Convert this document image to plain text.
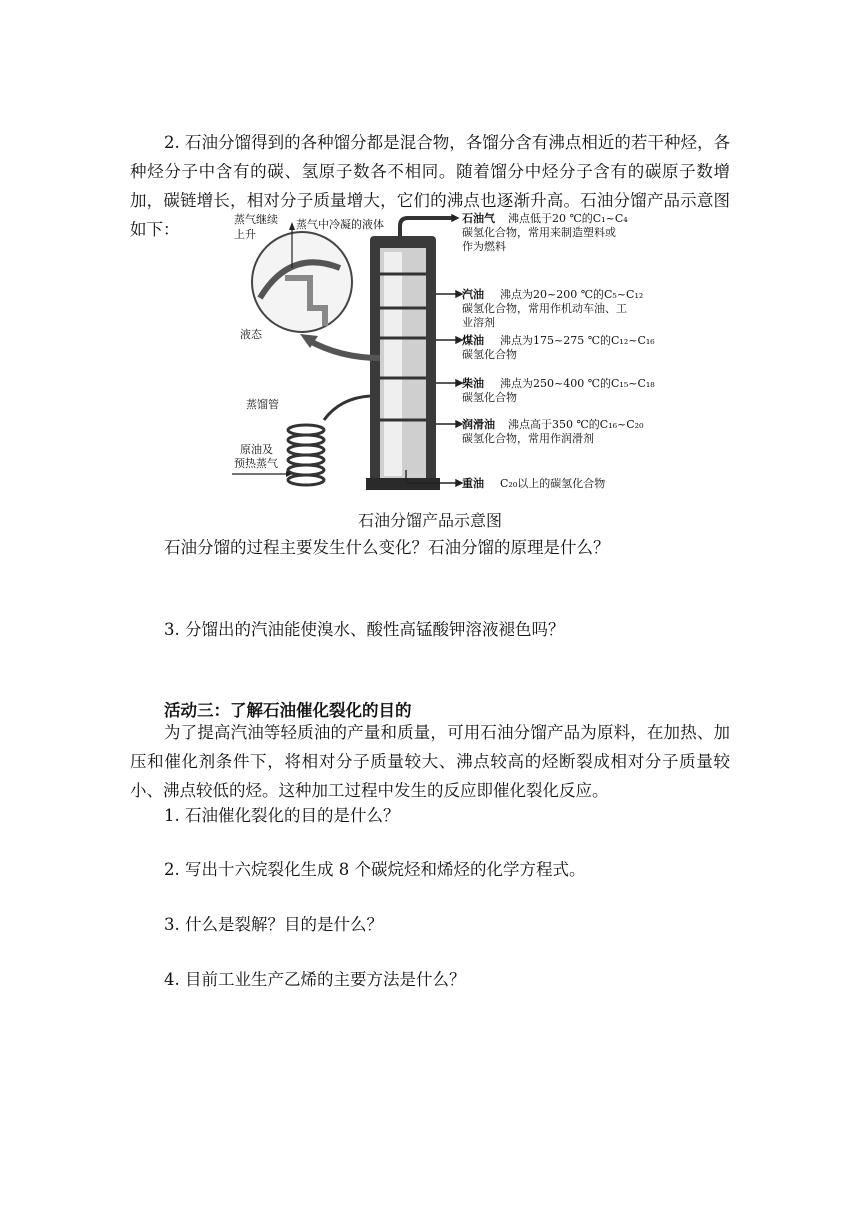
2. 石油分馏得到的各种馏分都是混合物，各馏分含有沸点相近的若干种烃，各种烃分子中含有的碳、氢原子数各不相同。随着馏分中烃分子含有的碳原子数增加，碳链增长，相对分子质量增大，它们的沸点也逐渐升高。石油分馏产品示意图如下：

蒸气继续
上升
蒸气中冷凝的液体
液态
蒸馏管
原油及
预热蒸气
石油气 沸点低于20 ℃的C₁~C₄
碳氢化合物，常用来制造塑料或
作为燃料
汽油 沸点为20~200 ℃的C₅~C₁₂
碳氢化合物，常用作机动车油、工
业溶剂
煤油 沸点为175~275 ℃的C₁₂~C₁₆
碳氢化合物
柴油 沸点为250~400 ℃的C₁₅~C₁₈
碳氢化合物
润滑油 沸点高于350 ℃的C₁₆~C₂₀
碳氢化合物，常用作润滑剂
重油 C₂₀以上的碳氢化合物
石油分馏产品示意图

石油分馏的过程主要发生什么变化？石油分馏的原理是什么？

3. 分馏出的汽油能使溴水、酸性高锰酸钾溶液褪色吗？

活动三：了解石油催化裂化的目的

为了提高汽油等轻质油的产量和质量，可用石油分馏产品为原料，在加热、加压和催化剂条件下，将相对分子质量较大、沸点较高的烃断裂成相对分子质量较小、沸点较低的烃。这种加工过程中发生的反应即催化裂化反应。

1. 石油催化裂化的目的是什么？

2. 写出十六烷裂化生成 8 个碳烷烃和烯烃的化学方程式。

3. 什么是裂解？目的是什么？

4. 目前工业生产乙烯的主要方法是什么？
